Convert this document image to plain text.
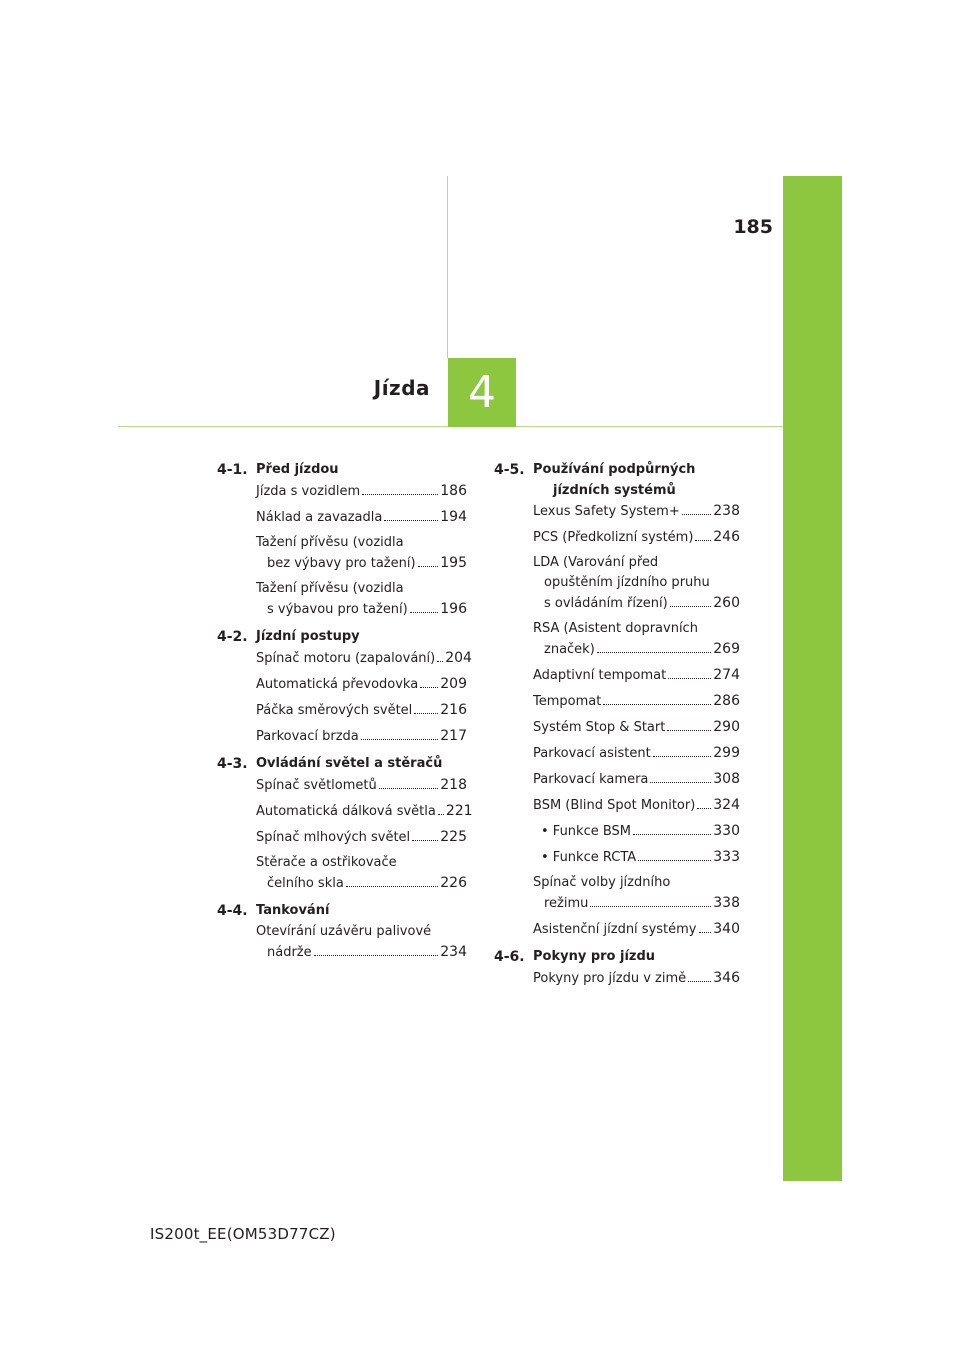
185
Jízda 4
4-1. Před jízdou
Jízda s vozidlem	186
Náklad a zavazadla	194
Tažení přívěsu (vozidla
bez výbavy pro tažení) 195
Tažení přívěsu (vozidla
s výbavou pro tažení) 196
4-2. Jízdní postupy
Spínač motoru (zapalování) 204
Automatická převodovka 209
Páčka směrových světel 216
Parkovací brzda	217
4-3. Ovládání světel a stěračů
Spínač světlometů	218
Automatická dálková světla 221
Spínač mlhových světel 225
Stěrače a ostřikovače
čelního skla	226
4-4. Tankování
Otevírání uzávěru palivové
nádrže	234
4-5. Používání podpůrných jízdních systémů
Lexus Safety System+ 238
PCS (Předkolizní systém) 246
LDA (Varování před
opuštěním jízdního pruhu
s ovládáním řízení)	260
RSA (Asistent dopravních
značek)	269
Adaptivní tempomat	274
Tempomat	286
Systém Stop & Start	290
Parkovací asistent	299
Parkovací kamera	308
BSM (Blind Spot Monitor) 324
• Funkce BSM	330
• Funkce RCTA	333
Spínač volby jízdního
režimu	338
Asistenční jízdní systémy 340
4-6. Pokyny pro jízdu
Pokyny pro jízdu v zimě 346
IS200t_EE(OM53D77CZ)
